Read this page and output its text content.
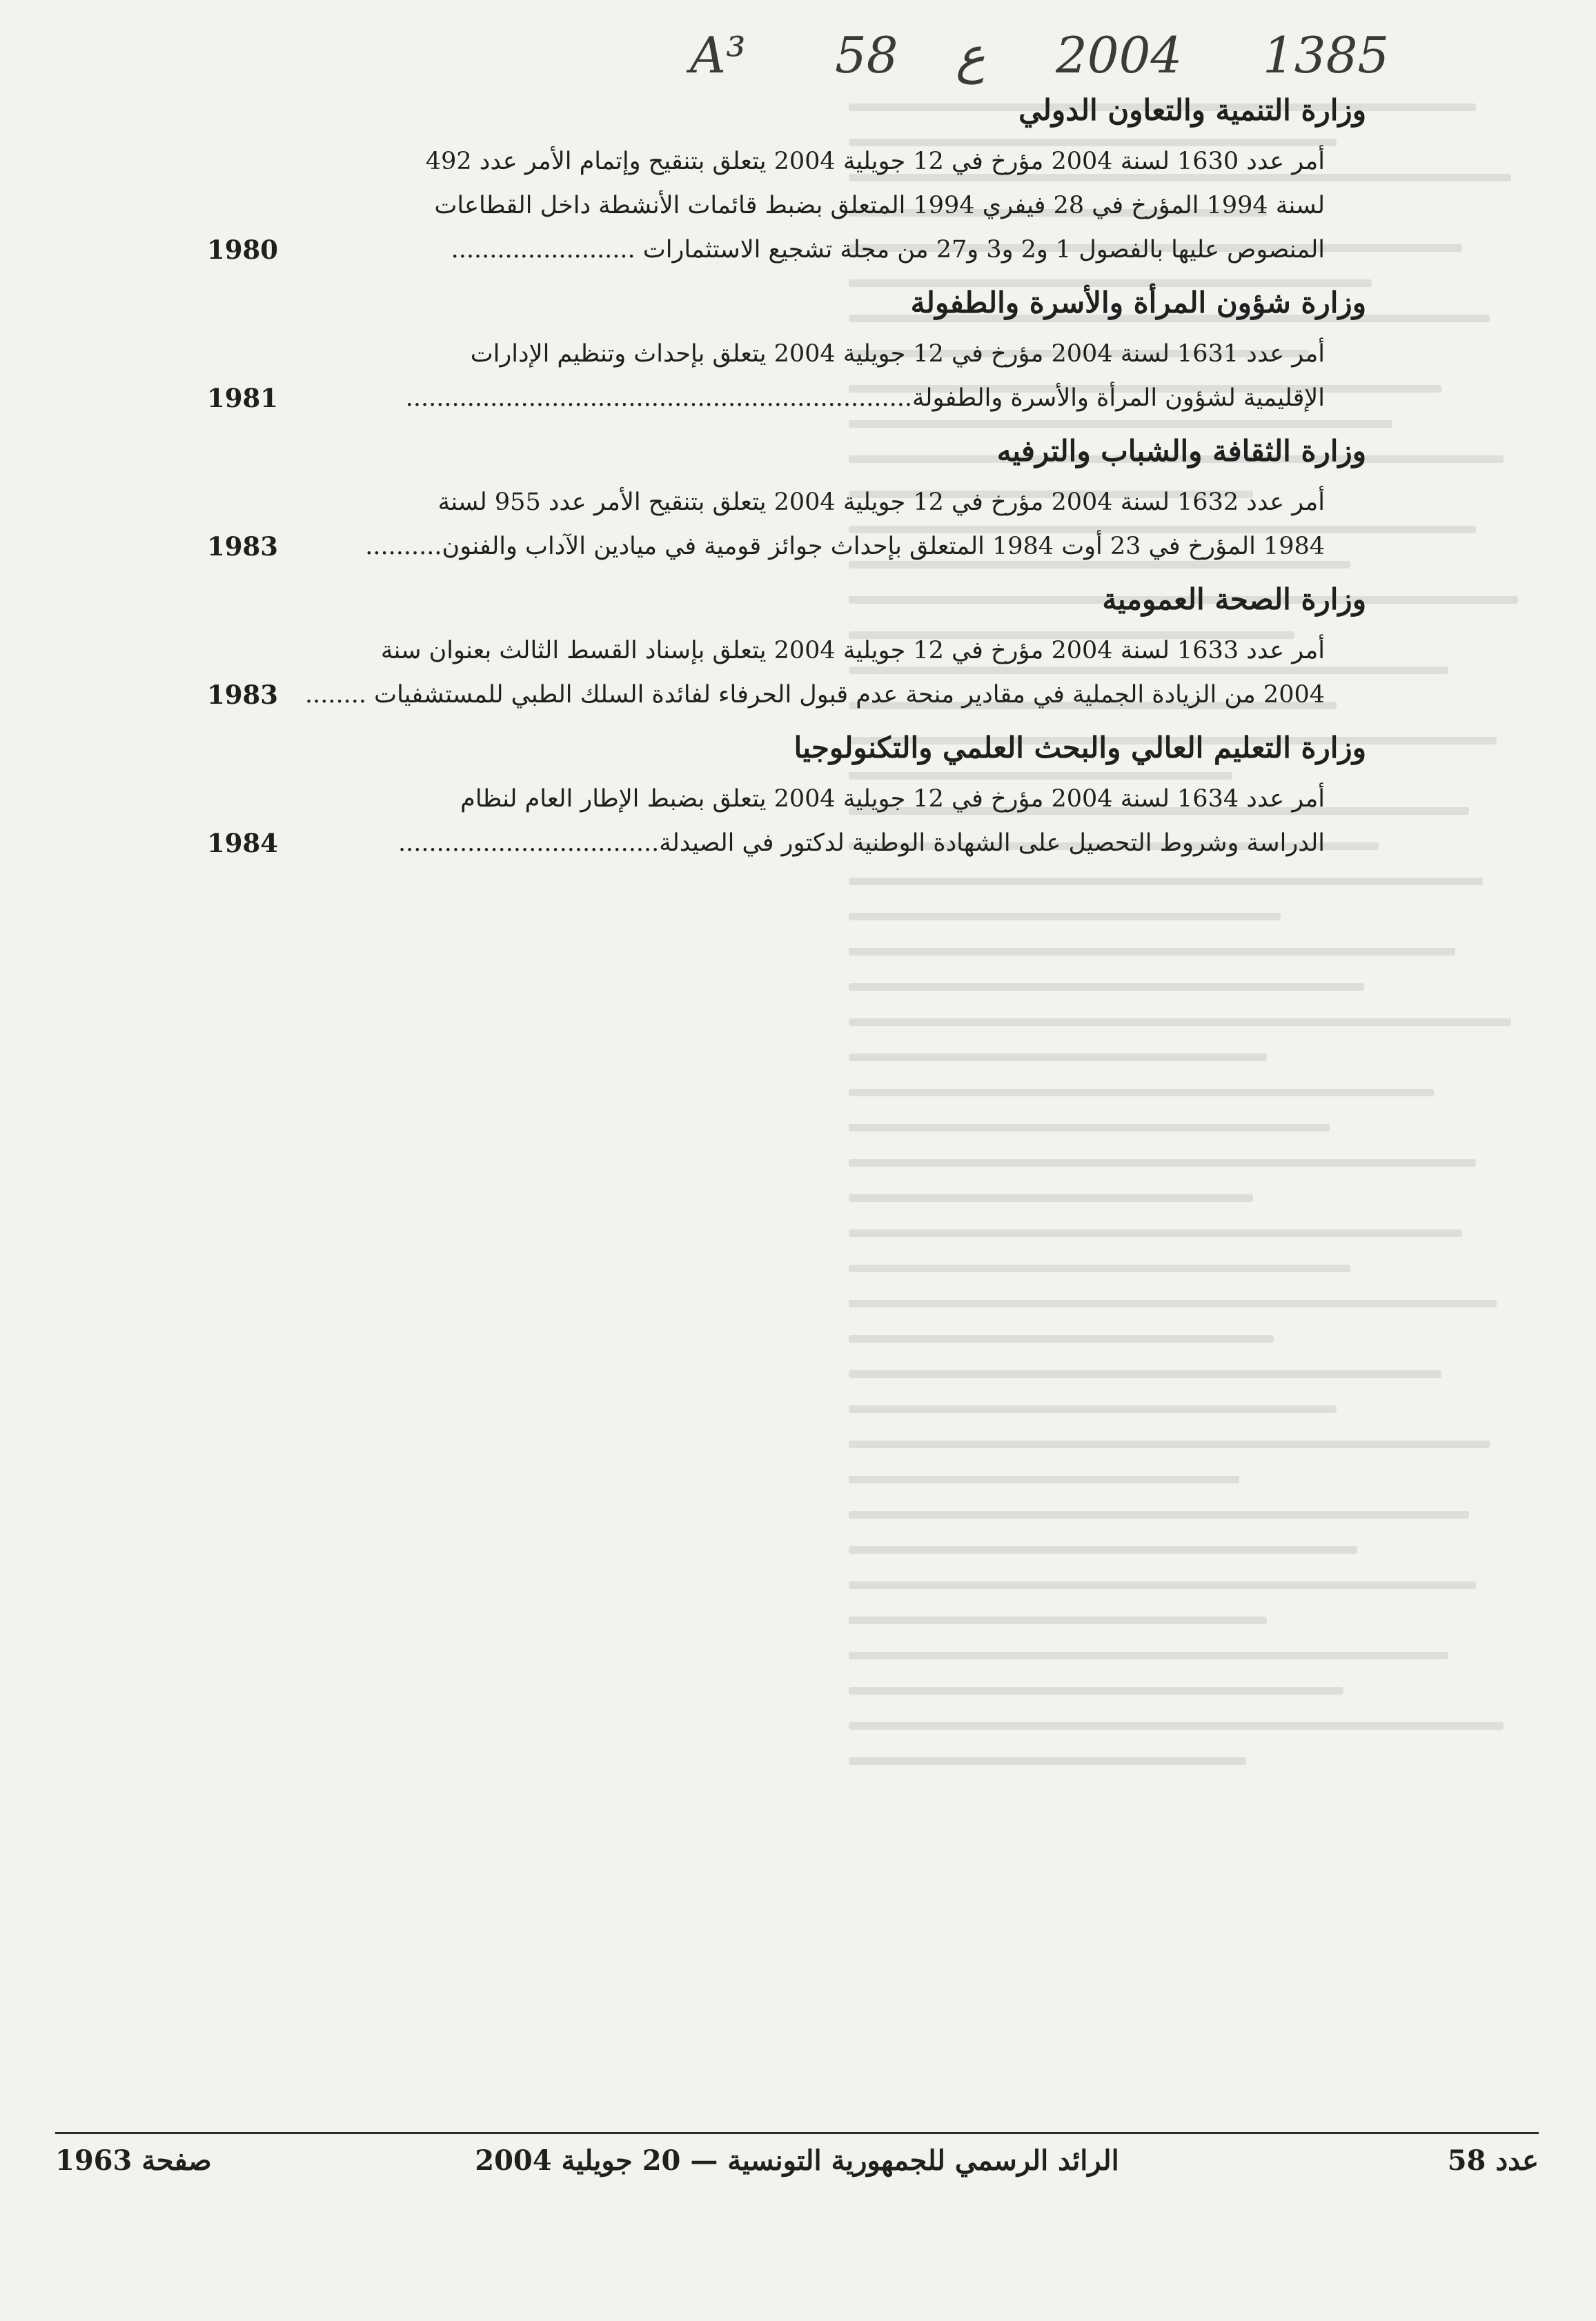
A³ 58 ع 2004 1385
وزارة التنمية والتعاون الدولي
أمر عدد 1630 لسنة 2004 مؤرخ في 12 جويلية 2004 يتعلق بتنقيح وإتمام الأمر عدد 492
لسنة 1994 المؤرخ في 28 فيفري 1994 المتعلق بضبط قائمات الأنشطة داخل القطاعات
المنصوص عليها بالفصول 1 و2 و3 و27 من مجلة تشجيع الاستثمارات ........................
1980
وزارة شؤون المرأة والأسرة والطفولة
أمر عدد 1631 لسنة 2004 مؤرخ في 12 جويلية 2004 يتعلق بإحداث وتنظيم الإدارات
الإقليمية لشؤون المرأة والأسرة والطفولة..................................................................
1981
وزارة الثقافة والشباب والترفيه
أمر عدد 1632 لسنة 2004 مؤرخ في 12 جويلية 2004 يتعلق بتنقيح الأمر عدد 955 لسنة
1984 المؤرخ في 23 أوت 1984 المتعلق بإحداث جوائز قومية في ميادين الآداب والفنون..........
1983
وزارة الصحة العمومية
أمر عدد 1633 لسنة 2004 مؤرخ في 12 جويلية 2004 يتعلق بإسناد القسط الثالث بعنوان سنة
2004 من الزيادة الجملية في مقادير منحة عدم قبول الحرفاء لفائدة السلك الطبي للمستشفيات ........
1983
وزارة التعليم العالي والبحث العلمي والتكنولوجيا
أمر عدد 1634 لسنة 2004 مؤرخ في 12 جويلية 2004 يتعلق بضبط الإطار العام لنظام
الدراسة وشروط التحصيل على الشهادة الوطنية لدكتور في الصيدلة..................................
1984
عدد 58
الرائد الرسمي للجمهورية التونسية — 20 جويلية 2004
صفحة 1963
